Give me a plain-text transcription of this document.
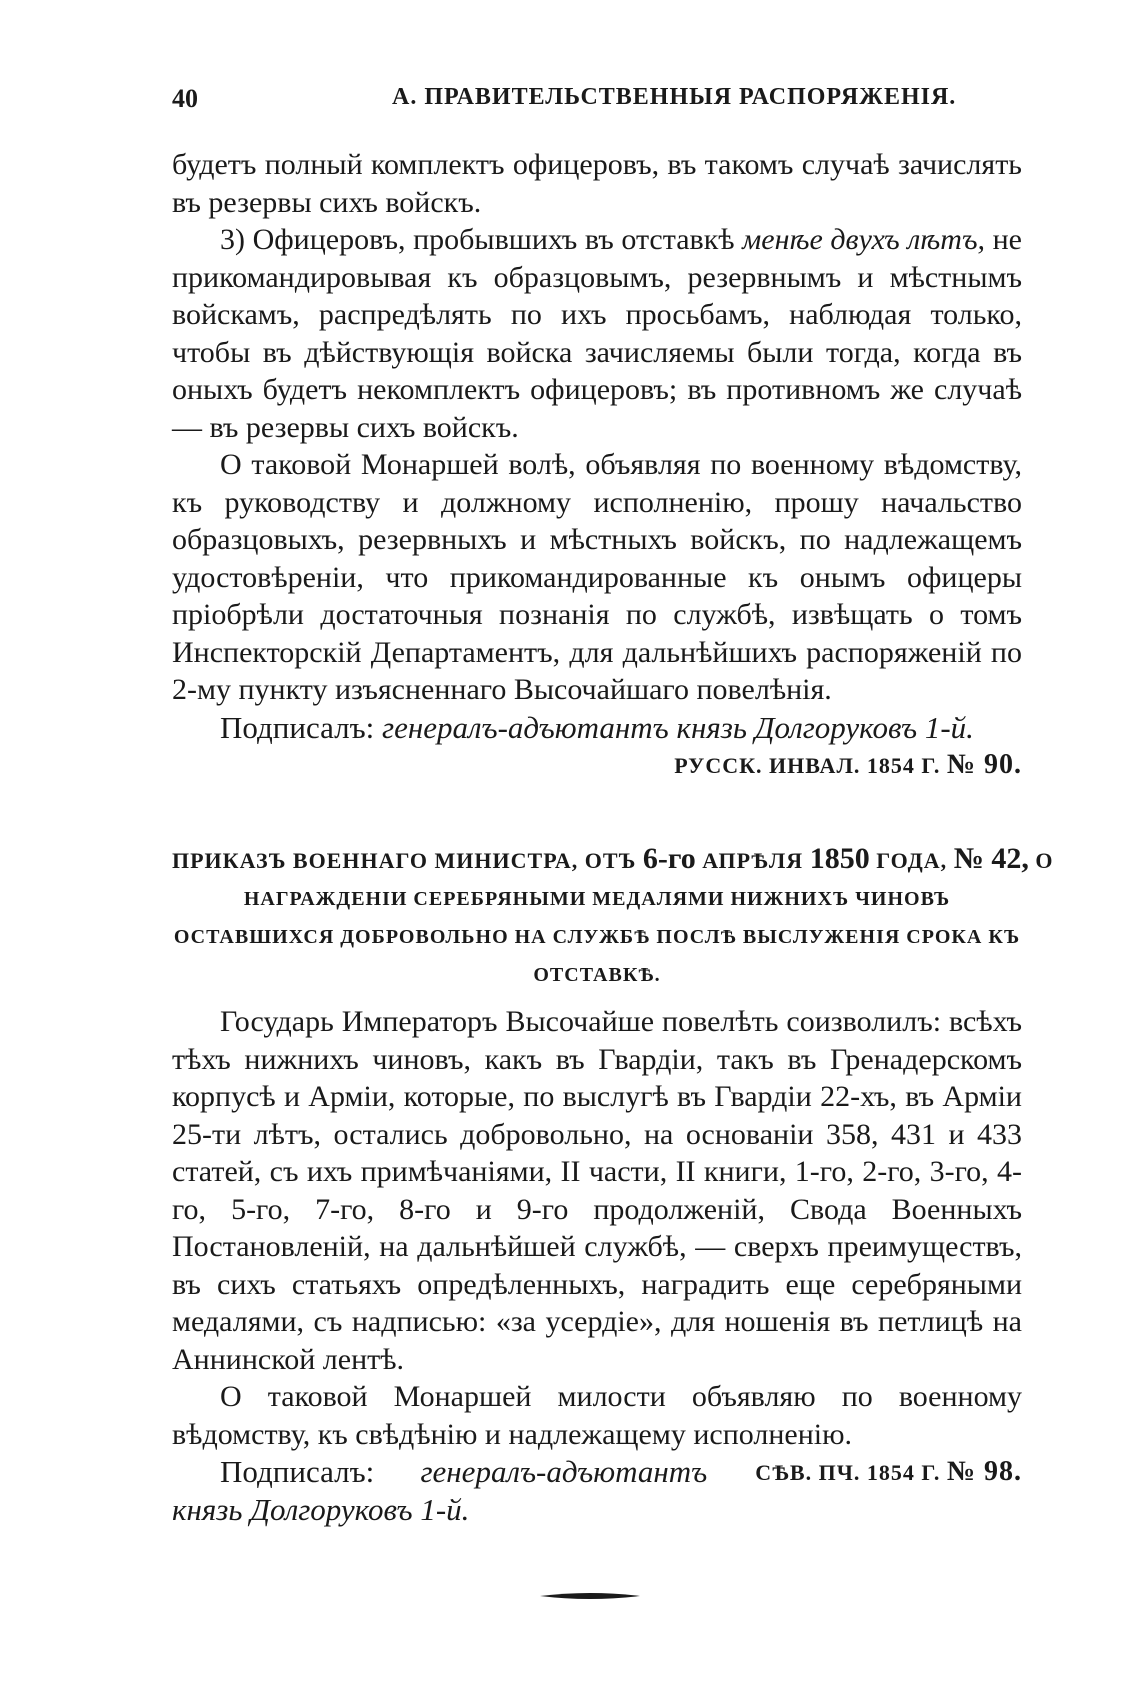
40	А. ПРАВИТЕЛЬСТВЕННЫЯ РАСПОРЯЖЕНІЯ.

будетъ полный комплектъ офицеровъ, въ такомъ случаѣ зачислять въ резервы сихъ войскъ.

3) Офицеровъ, пробывшихъ въ отставкѣ менѣе двухъ лѣтъ, не прикомандировывая къ образцовымъ, резервнымъ и мѣстнымъ войскамъ, распредѣлять по ихъ просьбамъ, наблюдая только, чтобы въ дѣйствующія войска зачисляемы были тогда, когда въ оныхъ будетъ некомплектъ офицеровъ; въ противномъ же случаѣ — въ резервы сихъ войскъ.

О таковой Монаршей волѣ, объявляя по военному вѣдомству, къ руководству и должному исполненію, прошу начальство образцовыхъ, резервныхъ и мѣстныхъ войскъ, по надлежащемъ удостовѣреніи, что прикомандированные къ онымъ офицеры пріобрѣли достаточныя познанія по службѣ, извѣщать о томъ Инспекторскій Департаментъ, для дальнѣйшихъ распоряженій по 2-му пункту изъясненнаго Высочайшаго повелѣнія.

Подписалъ: генералъ-адъютантъ князь Долгоруковъ 1-й.

РУССК. ИНВАЛ. 1854 Г. № 90.

ПРИКАЗЪ ВОЕННАГО МИНИСТРА, ОТЪ 6-го АПРѢЛЯ 1850 ГОДА, № 42, О
НАГРАЖДЕНІИ СЕРЕБРЯНЫМИ МЕДАЛЯМИ НИЖНИХЪ ЧИНОВЪ ОСТАВШИХСЯ ДОБРОВОЛЬНО НА СЛУЖБѢ ПОСЛѢ ВЫСЛУЖЕНІЯ СРОКА КЪ ОТСТАВКѢ.

Государь Императоръ Высочайше повелѣть соизволилъ: всѣхъ тѣхъ нижнихъ чиновъ, какъ въ Гвардіи, такъ въ Гренадерскомъ корпусѣ и Арміи, которые, по выслугѣ въ Гвардіи 22-хъ, въ Арміи 25-ти лѣтъ, остались добровольно, на основаніи 358, 431 и 433 статей, съ ихъ примѣчаніями, II части, II книги, 1-го, 2-го, 3-го, 4-го, 5-го, 7-го, 8-го и 9-го продолженій, Свода Военныхъ Постановленій, на дальнѣйшей службѣ, — сверхъ преимуществъ, въ сихъ статьяхъ опредѣленныхъ, наградить еще серебряными медалями, съ надписью: «за усердіе», для ношенія въ петлицѣ на Аннинской лентѣ.

О таковой Монаршей милости объявляю по военному вѣдомству, къ свѣдѣнію и надлежащему исполненію.
СѢВ. ПЧ. 1854 Г. № 98.

Подписалъ: генералъ-адъютантъ князь Долгоруковъ 1-й.
